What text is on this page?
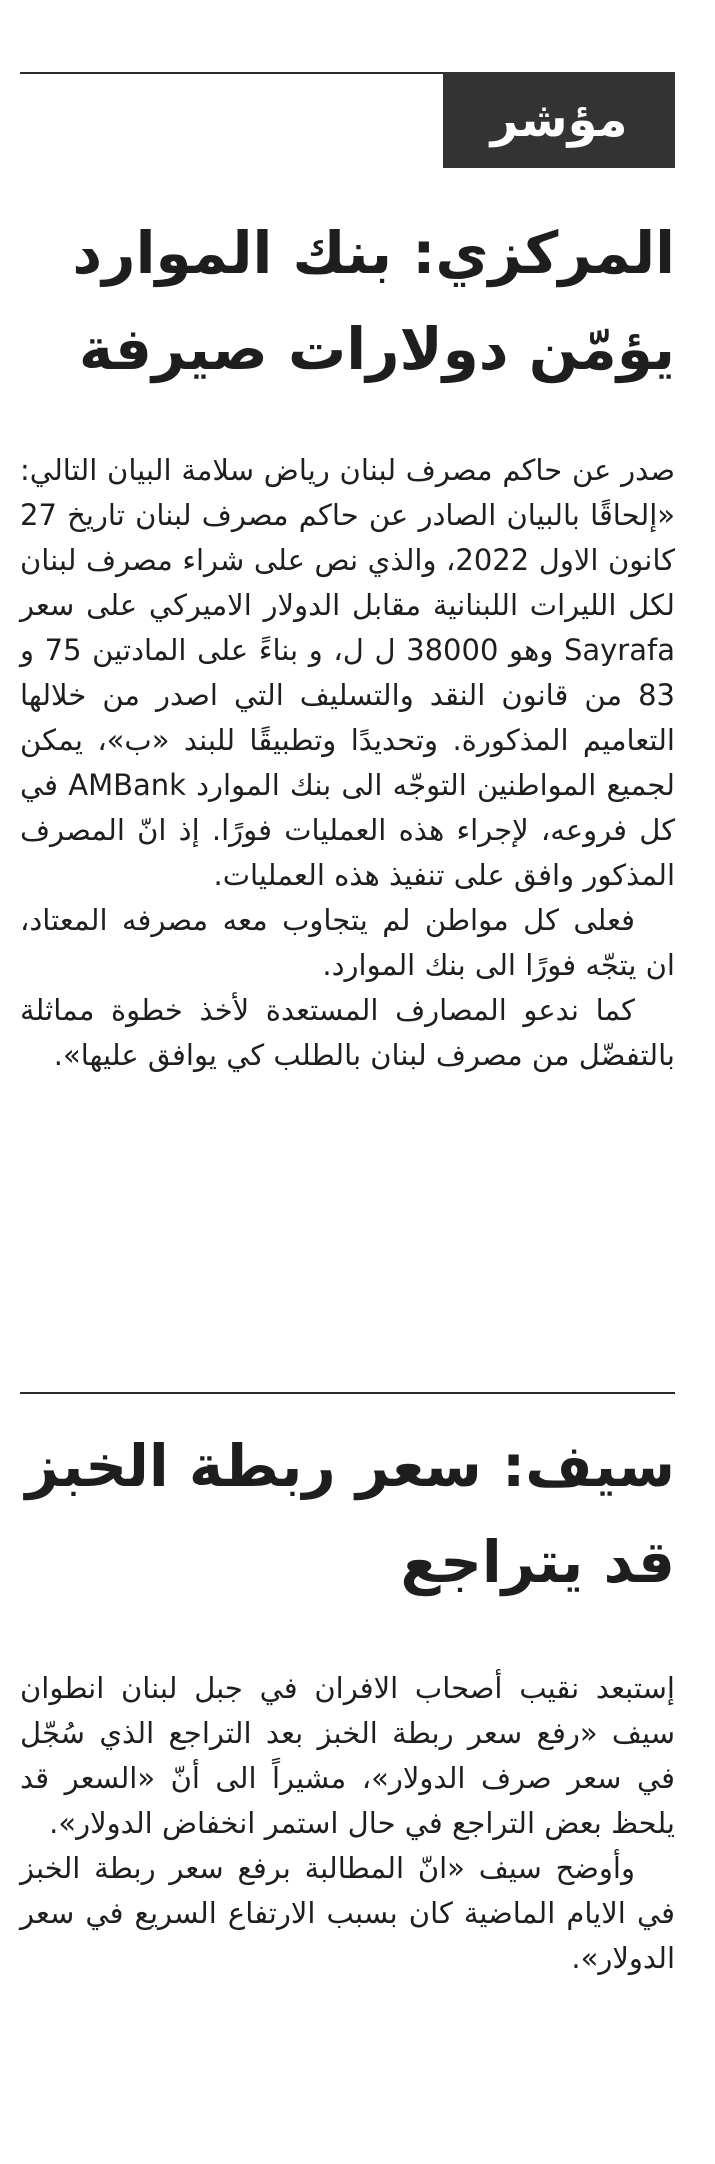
مؤشر
المركزي: بنك الموارد
يؤمّن دولارات صيرفة

صدر عن حاكم مصرف لبنان رياض سلامة البيان التالي: «إلحاقًا بالبيان الصادر عن حاكم مصرف لبنان تاريخ 27 كانون الاول 2022، والذي نص على شراء مصرف لبنان لكل الليرات اللبنانية مقابل الدولار الاميركي على سعر Sayrafa وهو 38000 ل ل، و بناءً على المادتين 75 و 83 من قانون النقد والتسليف التي اصدر من خلالها التعاميم المذكورة. وتحديدًا وتطبيقًا للبند «ب»، يمكن لجميع المواطنين التوجّه الى بنك الموارد AMBank في كل فروعه، لإجراء هذه العمليات فورًا. إذ انّ المصرف المذكور وافق على تنفيذ هذه العمليات.

فعلى كل مواطن لم يتجاوب معه مصرفه المعتاد، ان يتجّه فورًا الى بنك الموارد.

كما ندعو المصارف المستعدة لأخذ خطوة مماثلة بالتفضّل من مصرف لبنان بالطلب كي يوافق عليها».

سيف: سعر ربطة الخبز
قد يتراجع

إستبعد نقيب أصحاب الافران في جبل لبنان انطوان سيف «رفع سعر ربطة الخبز بعد التراجع الذي سُجّل في سعر صرف الدولار»، مشيراً الى أنّ «السعر قد يلحظ بعض التراجع في حال استمر انخفاض الدولار».

وأوضح سيف «انّ المطالبة برفع سعر ربطة الخبز في الايام الماضية كان بسبب الارتفاع السريع في سعر الدولار».
